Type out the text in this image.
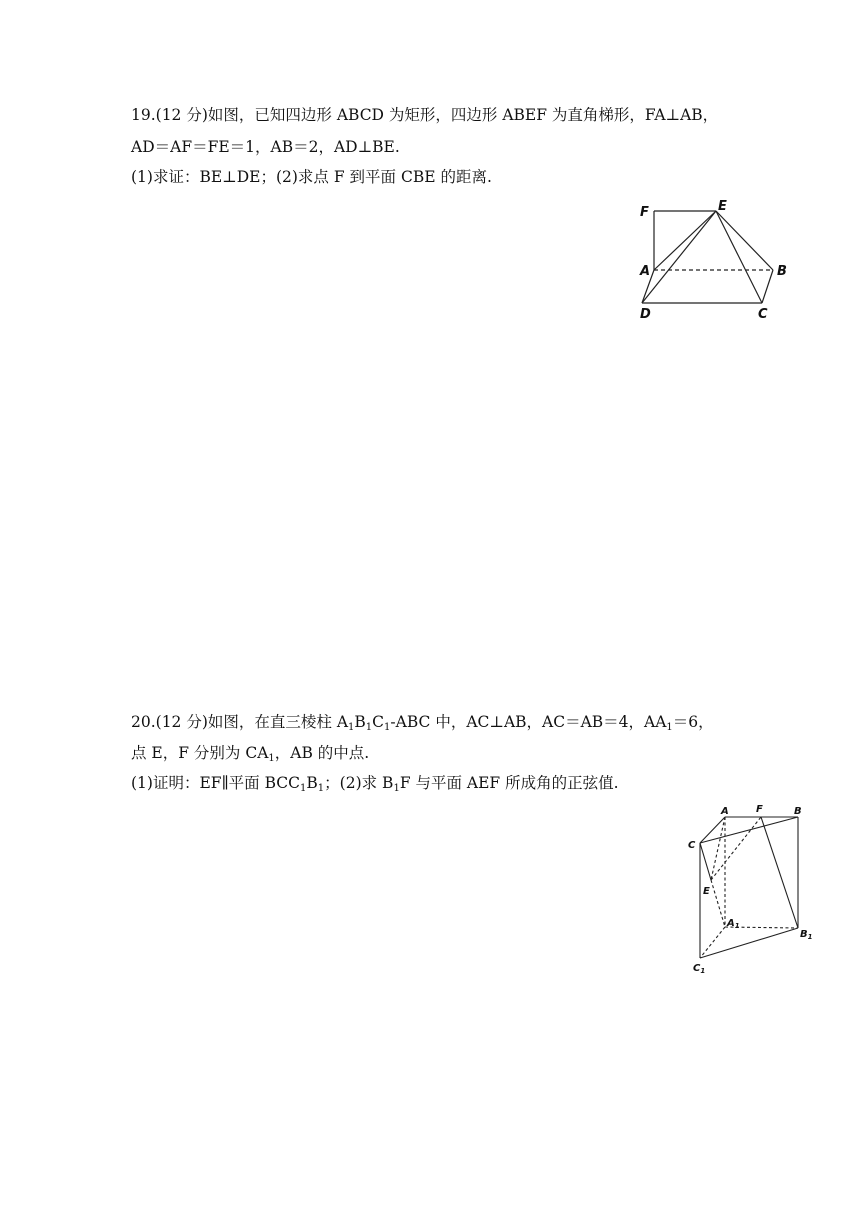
19.(12 分)如图，已知四边形 ABCD 为矩形，四边形 ABEF 为直角梯形，FA⊥AB，
AD＝AF＝FE＝1，AB＝2，AD⊥BE.
(1)求证：BE⊥DE；(2)求点 F 到平面 CBE 的距离.
F	E
A	B
D	C
20.(12 分)如图，在直三棱柱 $A_1B_1C_1$-ABC 中，AC⊥AB，AC＝AB＝4，$AA_1=6$，
点 E，F 分别为 $CA_1$，AB 的中点.
(1)证明：EF∥平面 $BCC_1B_1$；(2)求 $B_1F$ 与平面 AEF 所成角的正弦值.
A	F	B
C
E
$A_1$
$B_1$
$C_1$
